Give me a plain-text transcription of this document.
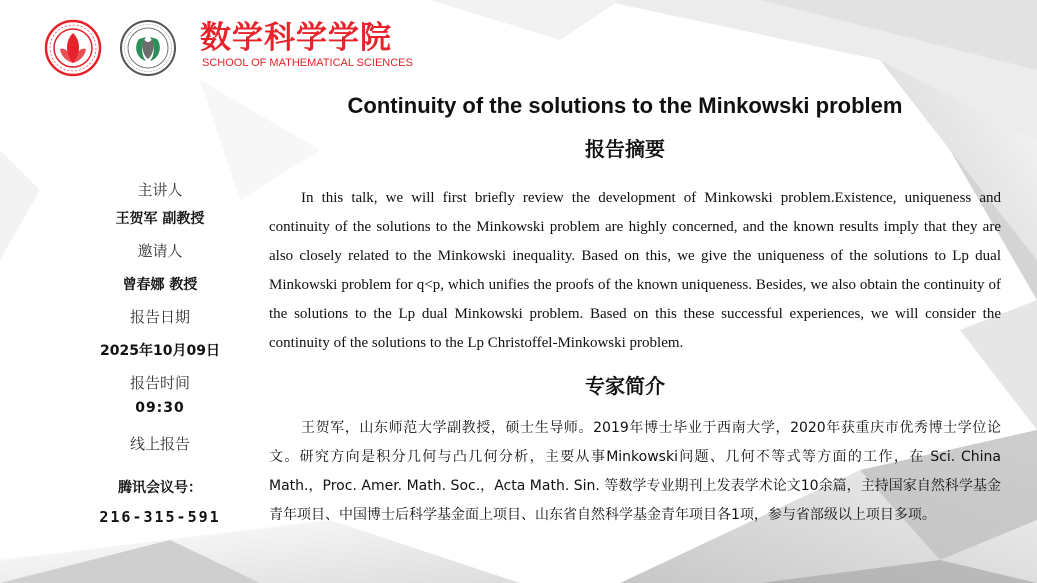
数学科学学院
SCHOOL OF MATHEMATICAL SCIENCES
Continuity of the solutions to the Minkowski problem
报告摘要

In this talk, we will first briefly review the development of Minkowski problem.Existence, uniqueness and continuity of the solutions to the Minkowski problem are highly concerned, and the known results imply that they are also closely related to the Minkowski inequality. Based on this, we give the uniqueness of the solutions to Lp dual Minkowski problem for q<p, which unifies the proofs of the known uniqueness. Besides, we also obtain the continuity of the solutions to the Lp dual Minkowski problem. Based on this these successful experiences, we will consider the continuity of the solutions to the Lp Christoffel-Minkowski problem.

专家简介

王贺军，山东师范大学副教授，硕士生导师。2019年博士毕业于西南大学，2020年获重庆市优秀博士学位论文。研究方向是积分几何与凸几何分析，主要从事Minkowski问题、几何不等式等方面的工作，在 Sci. China Math.，Proc. Amer. Math. Soc.，Acta Math. Sin. 等数学专业期刊上发表学术论文10余篇，主持国家自然科学基金青年项目、中国博士后科学基金面上项目、山东省自然科学基金青年项目各1项，参与省部级以上项目多项。

主讲人
王贺军 副教授
邀请人
曾春娜 教授
报告日期
2025年10月09日
报告时间
09:30
线上报告
腾讯会议号：
216-315-591
